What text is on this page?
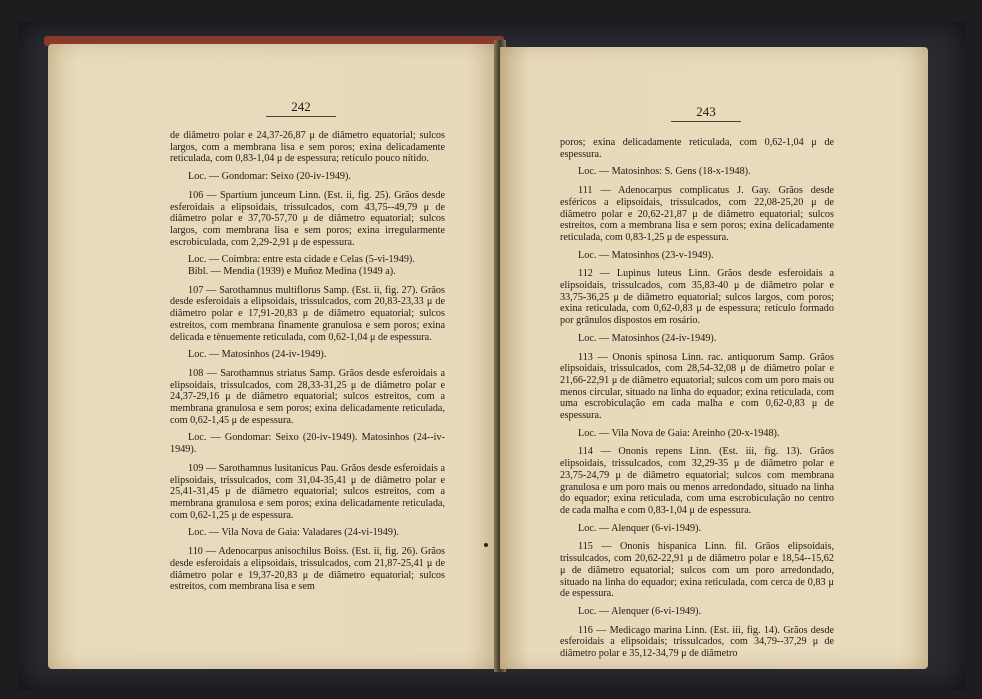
242

de diâmetro polar e 24,37-26,87 μ de diâmetro equatorial; sulcos largos, com a membrana lisa e sem poros; exina delicadamente reticulada, com 0,83-1,04 μ de espessura; retículo pouco nítido.

Loc. — Gondomar: Seixo (20-iv-1949).

106 — Spartium junceum Linn. (Est. ii, fig. 25). Grãos desde esferoidais a elipsoidais, trissulcados, com 43,75--49,79 μ de diâmetro polar e 37,70-57,70 μ de diâmetro equatorial; sulcos largos, com membrana lisa e sem poros; exina irregularmente escrobiculada, com 2,29-2,91 μ de espessura.

Loc. — Coimbra: entre esta cidade e Celas (5-vi-1949).

Bibl. — Mendia (1939) e Muñoz Medina (1949 a).

107 — Sarothamnus multiflorus Samp. (Est. ii, fig. 27). Grãos desde esferoidais a elipsoidais, trissulcados, com 20,83-23,33 μ de diâmetro polar e 17,91-20,83 μ de diâmetro equatorial; sulcos estreitos, com membrana finamente granulosa e sem poros; exina delicada e tènuemente reticulada, com 0,62-1,04 μ de espessura.

Loc. — Matosinhos (24-iv-1949).

108 — Sarothamnus striatus Samp. Grãos desde esferoidais a elipsoidais, trissulcados, com 28,33-31,25 μ de diâmetro polar e 24,37-29,16 μ de diâmetro equatorial; sulcos estreitos, com a membrana granulosa e sem poros; exina delicadamente reticulada, com 0,62-1,45 μ de espessura.

Loc. — Gondomar: Seixo (20-iv-1949). Matosinhos (24--iv-1949).

109 — Sarothamnus lusitanicus Pau. Grãos desde esferoidais a elipsoidais, trissulcados, com 31,04-35,41 μ de diâmetro polar e 25,41-31,45 μ de diâmetro equatorial; sulcos estreitos, com a membrana granulosa e sem poros; exina delicadamente reticulada, com 0,62-1,25 μ de espessura.

Loc. — Vila Nova de Gaia: Valadares (24-vi-1949).

110 — Adenocarpus anisochilus Boiss. (Est. ii, fig. 26). Grãos desde esferoidais a elipsoidais, trissulcados, com 21,87-25,41 μ de diâmetro polar e 19,37-20,83 μ de diâmetro equatorial; sulcos estreitos, com membrana lisa e sem

243

poros; exina delicadamente reticulada, com 0,62-1,04 μ de espessura.

Loc. — Matosinhos: S. Gens (18-x-1948).

111 — Adenocarpus complicatus J. Gay. Grãos desde esféricos a elipsoidais, trissulcados, com 22,08-25,20 μ de diâmetro polar e 20,62-21,87 μ de diâmetro equatorial; sulcos estreitos, com a membrana lisa e sem poros; exina delicadamente reticulada, com 0,83-1,25 μ de espessura.

Loc. — Matosinhos (23-v-1949).

112 — Lupinus luteus Linn. Grãos desde esferoidais a elipsoidais, trissulcados, com 35,83-40 μ de diâmetro polar e 33,75-36,25 μ de diâmetro equatorial; sulcos largos, com poros; exina reticulada, com 0,62-0,83 μ de espessura; retículo formado por grânulos dispostos em rosário.

Loc. — Matosinhos (24-iv-1949).

113 — Ononis spinosa Linn. rac. antiquorum Samp. Grãos elipsoidais, trissulcados, com 28,54-32,08 μ de diâmetro polar e 21,66-22,91 μ de diâmetro equatorial; sulcos com um poro mais ou menos circular, situado na linha do equador; exina reticulada, com uma escrobiculação em cada malha e com 0,62-0,83 μ de espessura.

Loc. — Vila Nova de Gaia: Areinho (20-x-1948).

114 — Ononis repens Linn. (Est. iii, fig. 13). Grãos elipsoidais, trissulcados, com 32,29-35 μ de diâmetro polar e 23,75-24,79 μ de diâmetro equatorial; sulcos com membrana granulosa e um poro mais ou menos arredondado, situado na linha do equador; exina reticulada, com uma escrobiculação no centro de cada malha e com 0,83-1,04 μ de espessura.

Loc. — Alenquer (6-vi-1949).

115 — Ononis hispanica Linn. fil. Grãos elipsoidais, trissulcados, com 20,62-22,91 μ de diâmetro polar e 18,54--15,62 μ de diâmetro equatorial; sulcos com um poro arredondado, situado na linha do equador; exina reticulada, com cerca de 0,83 μ de espessura.

Loc. — Alenquer (6-vi-1949).

116 — Medicago marina Linn. (Est. iii, fig. 14). Grãos desde esferoidais a elipsoidais; trissulcados, com 34,79--37,29 μ de diâmetro polar e 35,12-34,79 μ de diâmetro
